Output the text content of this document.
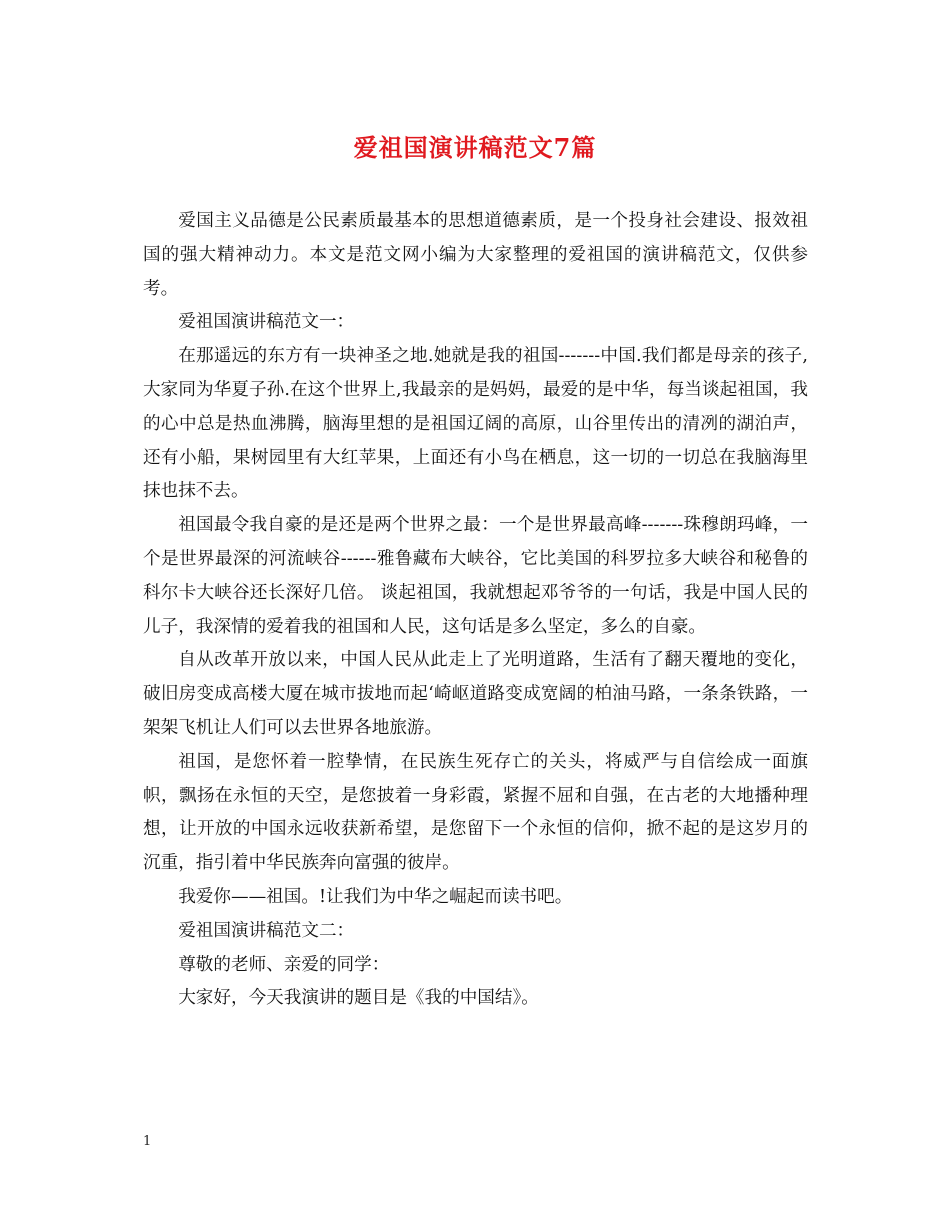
爱祖国演讲稿范文7篇

爱国主义品德是公民素质最基本的思想道德素质，是一个投身社会建设、报效祖国的强大精神动力。本文是范文网小编为大家整理的爱祖国的演讲稿范文，仅供参考。

爱祖国演讲稿范文一：

在那遥远的东方有一块神圣之地.她就是我的祖国-------中国.我们都是母亲的孩子,大家同为华夏子孙.在这个世界上,我最亲的是妈妈，最爱的是中华，每当谈起祖国，我的心中总是热血沸腾，脑海里想的是祖国辽阔的高原，山谷里传出的清冽的湖泊声，还有小船，果树园里有大红苹果，上面还有小鸟在栖息，这一切的一切总在我脑海里抹也抹不去。

祖国最令我自豪的是还是两个世界之最：一个是世界最高峰-------珠穆朗玛峰，一个是世界最深的河流峡谷------雅鲁藏布大峡谷，它比美国的科罗拉多大峡谷和秘鲁的科尔卡大峡谷还长深好几倍。 谈起祖国，我就想起邓爷爷的一句话，我是中国人民的儿子，我深情的爱着我的祖国和人民，这句话是多么坚定，多么的自豪。

自从改革开放以来，中国人民从此走上了光明道路，生活有了翻天覆地的变化，破旧房变成高楼大厦在城市拔地而起‘崎岖道路变成宽阔的柏油马路，一条条铁路，一架架飞机让人们可以去世界各地旅游。

祖国，是您怀着一腔挚情，在民族生死存亡的关头，将威严与自信绘成一面旗帜，飘扬在永恒的天空，是您披着一身彩霞，紧握不屈和自强，在古老的大地播种理想，让开放的中国永远收获新希望，是您留下一个永恒的信仰，掀不起的是这岁月的沉重，指引着中华民族奔向富强的彼岸。

我爱你——祖国。!让我们为中华之崛起而读书吧。

爱祖国演讲稿范文二：

尊敬的老师、亲爱的同学：

大家好，今天我演讲的题目是《我的中国结》。

1
